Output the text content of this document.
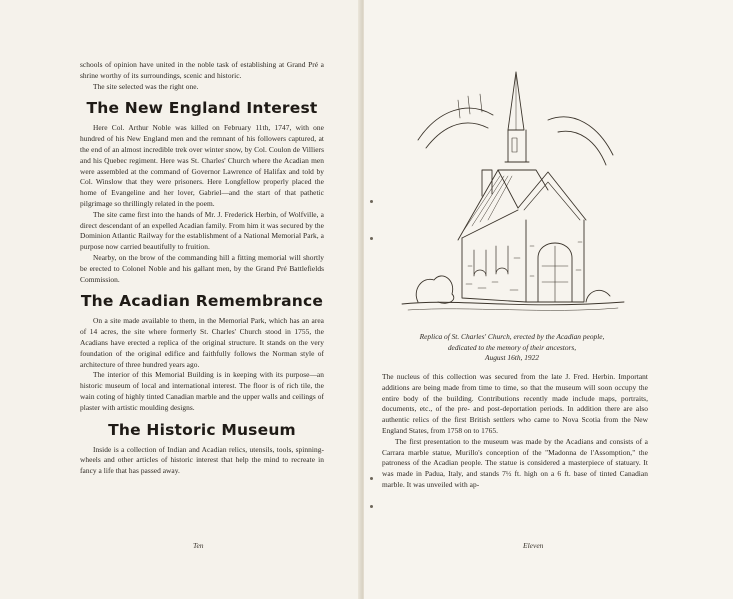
schools of opinion have united in the noble task of establishing at Grand Pré a shrine worthy of its surroundings, scenic and historic.

The site selected was the right one.

The New England Interest

Here Col. Arthur Noble was killed on February 11th, 1747, with one hundred of his New England men and the remnant of his followers captured, at the end of an almost incredible trek over winter snow, by Col. Coulon de Villiers and his Quebec regiment. Here was St. Charles' Church where the Acadian men were assembled at the command of Governor Lawrence of Halifax and told by Col. Winslow that they were prisoners. Here Longfellow properly placed the home of Evangeline and her lover, Gabriel—and the start of that pathetic pilgrimage so thrillingly related in the poem.

The site came first into the hands of Mr. J. Frederick Herbin, of Wolfville, a direct descendant of an expelled Acadian family. From him it was secured by the Dominion Atlantic Railway for the establishment of a National Memorial Park, a purpose now carried beautifully to fruition.

Nearby, on the brow of the commanding hill a fitting memorial will shortly be erected to Colonel Noble and his gallant men, by the Grand Pré Battlefields Commission.

The Acadian Remembrance

On a site made available to them, in the Memorial Park, which has an area of 14 acres, the site where formerly St. Charles' Church stood in 1755, the Acadians have erected a replica of the original structure. It stands on the very foundation of the original edifice and faithfully follows the Norman style of architecture of three hundred years ago.

The interior of this Memorial Building is in keeping with its purpose—an historic museum of local and international interest. The floor is of rich tile, the wain coting of highly tinted Canadian marble and the upper walls and ceilings of plaster with artistic moulding designs.

The Historic Museum

Inside is a collection of Indian and Acadian relics, utensils, tools, spinning-wheels and other articles of historic interest that help the mind to recreate in fancy a life that has passed away.

Ten
Replica of St. Charles' Church, erected by the Acadian people,
dedicated to the memory of their ancestors,
August 16th, 1922

The nucleus of this collection was secured from the late J. Fred. Herbin. Important additions are being made from time to time, so that the museum will soon occupy the entire body of the building. Contributions recently made include maps, portraits, documents, etc., of the pre- and post-deportation periods. In addition there are also authentic relics of the first British settlers who came to Nova Scotia from the New England States, from 1758 on to 1765.

The first presentation to the museum was made by the Acadians and consists of a Carrara marble statue, Murillo's conception of the "Madonna de l'Assomption," the patroness of the Acadian people. The statue is considered a masterpiece of statuary. It was made in Padua, Italy, and stands 7½ ft. high on a 6 ft. base of tinted Canadian marble. It was unveiled with ap-

Eleven
